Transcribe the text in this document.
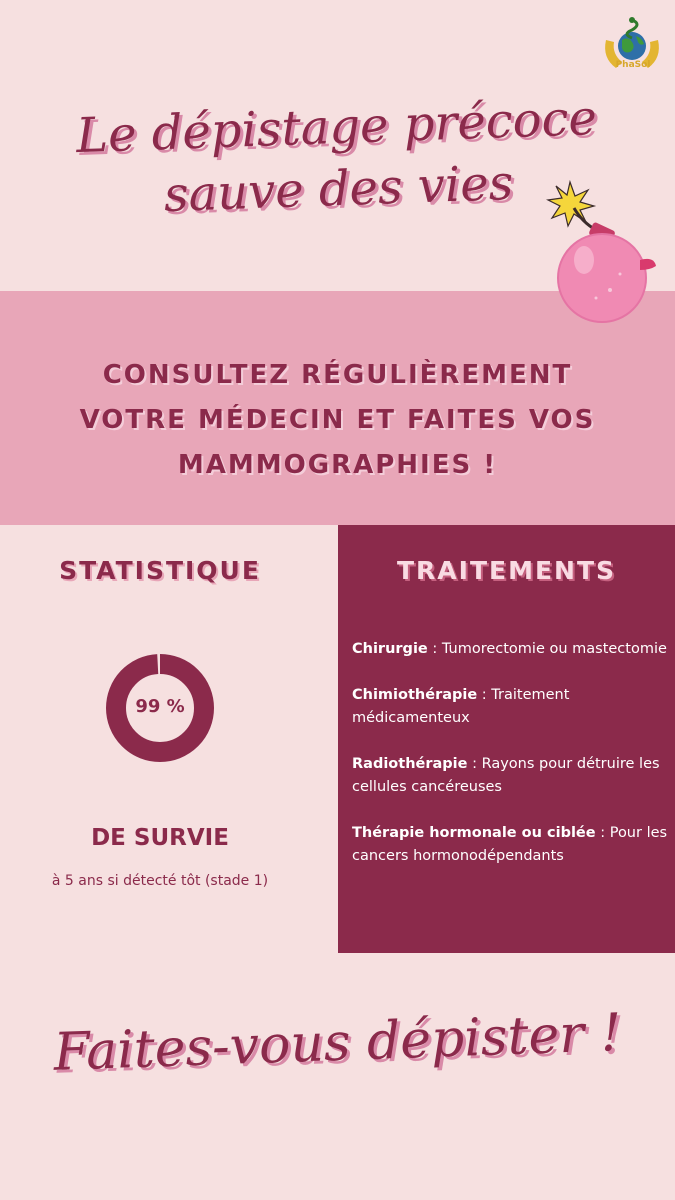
PhaSol
Le dépistage précoce
sauve des vies
CONSULTEZ RÉGULIÈREMENT
VOTRE MÉDECIN ET FAITES VOS
MAMMOGRAPHIES !
STATISTIQUE
99 %
DE SURVIE
à 5 ans si détecté tôt (stade 1)
TRAITEMENTS
Chirurgie : Tumorectomie ou mastectomie
Chimiothérapie : Traitement médicamenteux
Radiothérapie : Rayons pour détruire les cellules cancéreuses
Thérapie hormonale ou ciblée : Pour les cancers hormonodépendants
Faites-vous dépister !
